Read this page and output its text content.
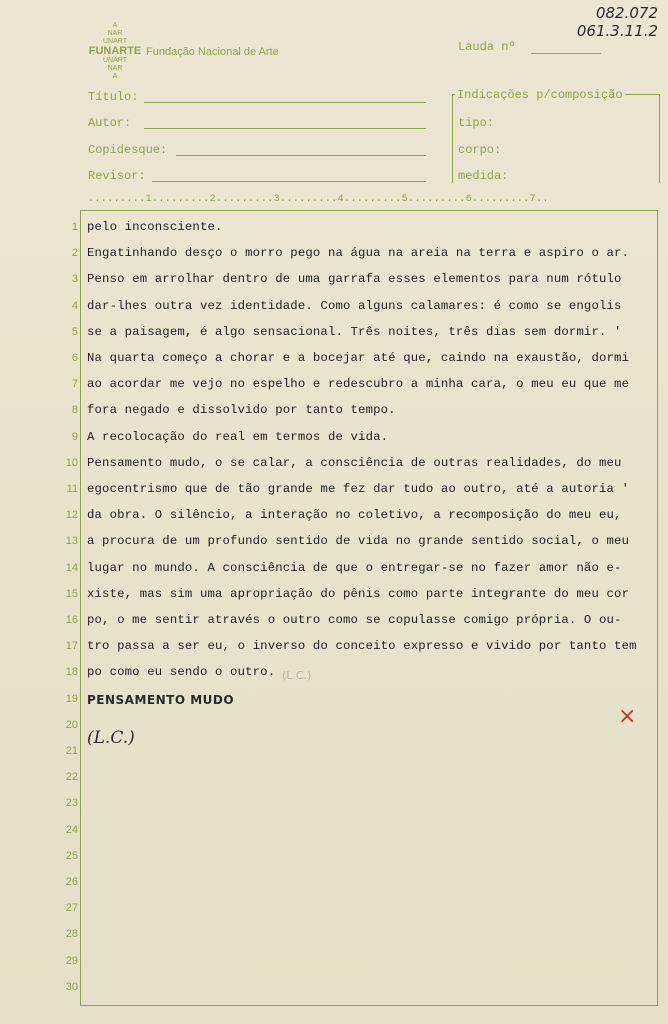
082.072
061.3.11.2
A
NAR
UNART
FUNARTE
UNART
NAR
A
Fundação Nacional de Arte	Lauda nº
Título:
Autor:
Copidesque:
Revisor:
Indicações p/composição
tipo:
corpo:
medida:
.........1.........2.........3.........4.........5.........6.........7..
1
2
3
4
5
6
7
8
9
10
11
12
13
14
15
16
17
18
19
20
21
22
23
24
25
26
27
28
29
30
pelo inconsciente.
Engatinhando desço o morro pego na água na areia na terra e aspiro o ar.
Penso em arrolhar dentro de uma garrafa esses elementos para num rótulo
dar-lhes outra vez identidade. Como alguns calamares: é como se engolis
se a paisagem, é algo sensacional. Três noites, três dias sem dormir. '
Na quarta começo a chorar e a bocejar até que, caindo na exaustão, dormi
ao acordar me vejo no espelho e redescubro a minha cara, o meu eu que me
fora negado e dissolvido por tanto tempo.
A recolocação do real em termos de vida.
Pensamento mudo, o se calar, a consciência de outras realidades, do meu
egocentrismo que de tão grande me fez dar tudo ao outro, até a autoria '
da obra. O silêncio, a interação no coletivo, a recomposição do meu eu,
a procura de um profundo sentido de vida no grande sentido social, o meu
lugar no mundo. A consciência de que o entregar-se no fazer amor não e-
xiste, mas sim uma apropriação do pênis como parte integrante do meu cor
po, o me sentir através o outro como se copulasse comigo própria. O ou-
tro passa a ser eu, o inverso do conceito expresso e vivido por tanto tem
po como eu sendo o outro. (L.C.)
PENSAMENTO MUDO
(L.C.)
×
